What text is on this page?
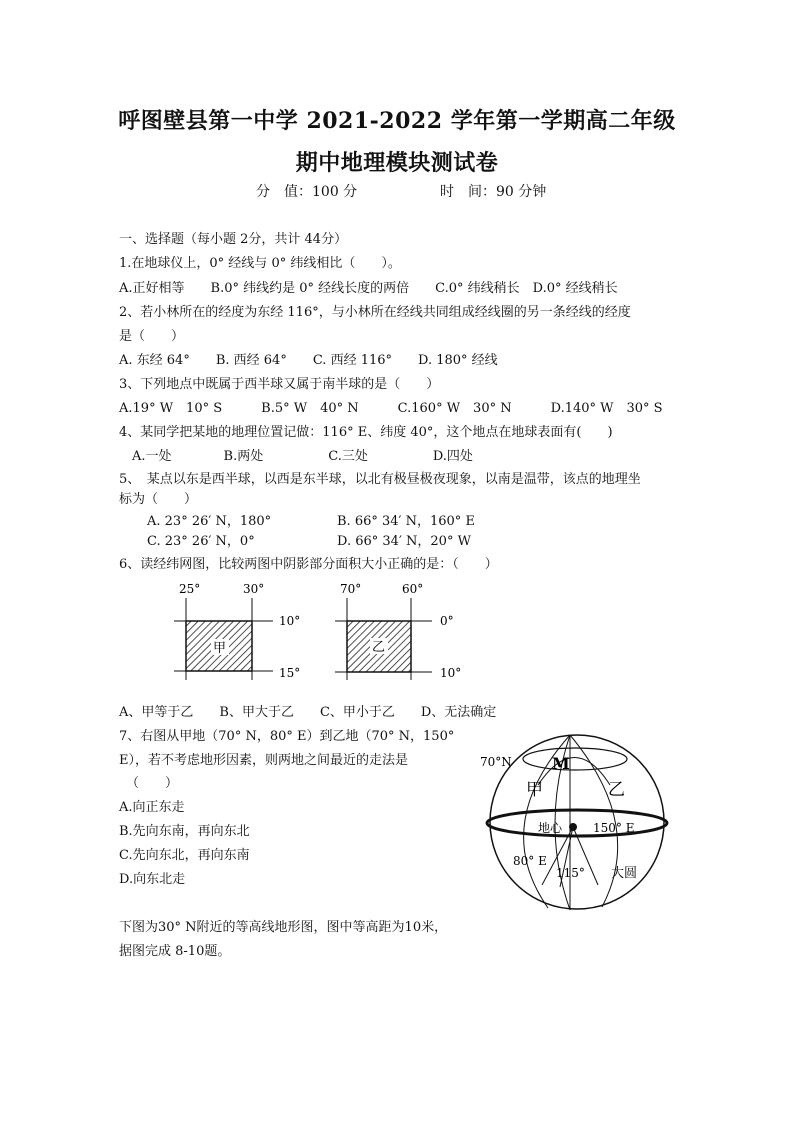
呼图壁县第一中学 2021-2022 学年第一学期高二年级
期中地理模块测试卷
分　值：100 分	时　间：90 分钟
一、选择题（每小题 2分，共计 44分）
1.在地球仪上，0° 经线与 0° 纬线相比（　　）。
A.正好相等　　B.0° 纬线约是 0° 经线长度的两倍　　C.0° 纬线稍长　D.0° 经线稍长
2、若小林所在的经度为东经 116°，与小林所在经线共同组成经线圈的另一条经线的经度
是（　　）
A. 东经 64°　　B. 西经 64°　　C. 西经 116°　　D. 180° 经线
3、下列地点中既属于西半球又属于南半球的是（　　）
A.19° W　10° S　　　B.5° W　40° N　　　C.160° W　30° N　　　D.140° W　30° S
4、某同学把某地的地理位置记做：116° E、纬度 40°，这个地点在地球表面有(　　)
A.一处　　　　B.两处　　　　　C.三处　　　　　D.四处
5、　某点以东是西半球，以西是东半球，以北有极昼极夜现象，以南是温带，该点的地理坐
标为（　　）
A. 23° 26′ N，180°	B. 66° 34′ N，160° E
C. 23° 26′ N，0°	D. 66° 34′ N，20° W
6、读经纬网图，比较两图中阴影部分面积大小正确的是：（　　）
25°	30°
甲
10°
15°
70°	60°
乙
0°
10°
A、甲等于乙　　B、甲大于乙　　C、甲小于乙　　D、无法确定
7、右图从甲地（70° N，80° E）到乙地（70° N，150°
E），若不考虑地形因素，则两地之间最近的走法是
（　　）
A.向正东走
B.先向东南，再向东北
C.先向东北，再向东南
D.向东北走
70°N	M
甲	乙
地心	150° E
80° E
115° 大圆
下图为30° N附近的等高线地形图，图中等高距为10米，
据图完成 8-10题。
